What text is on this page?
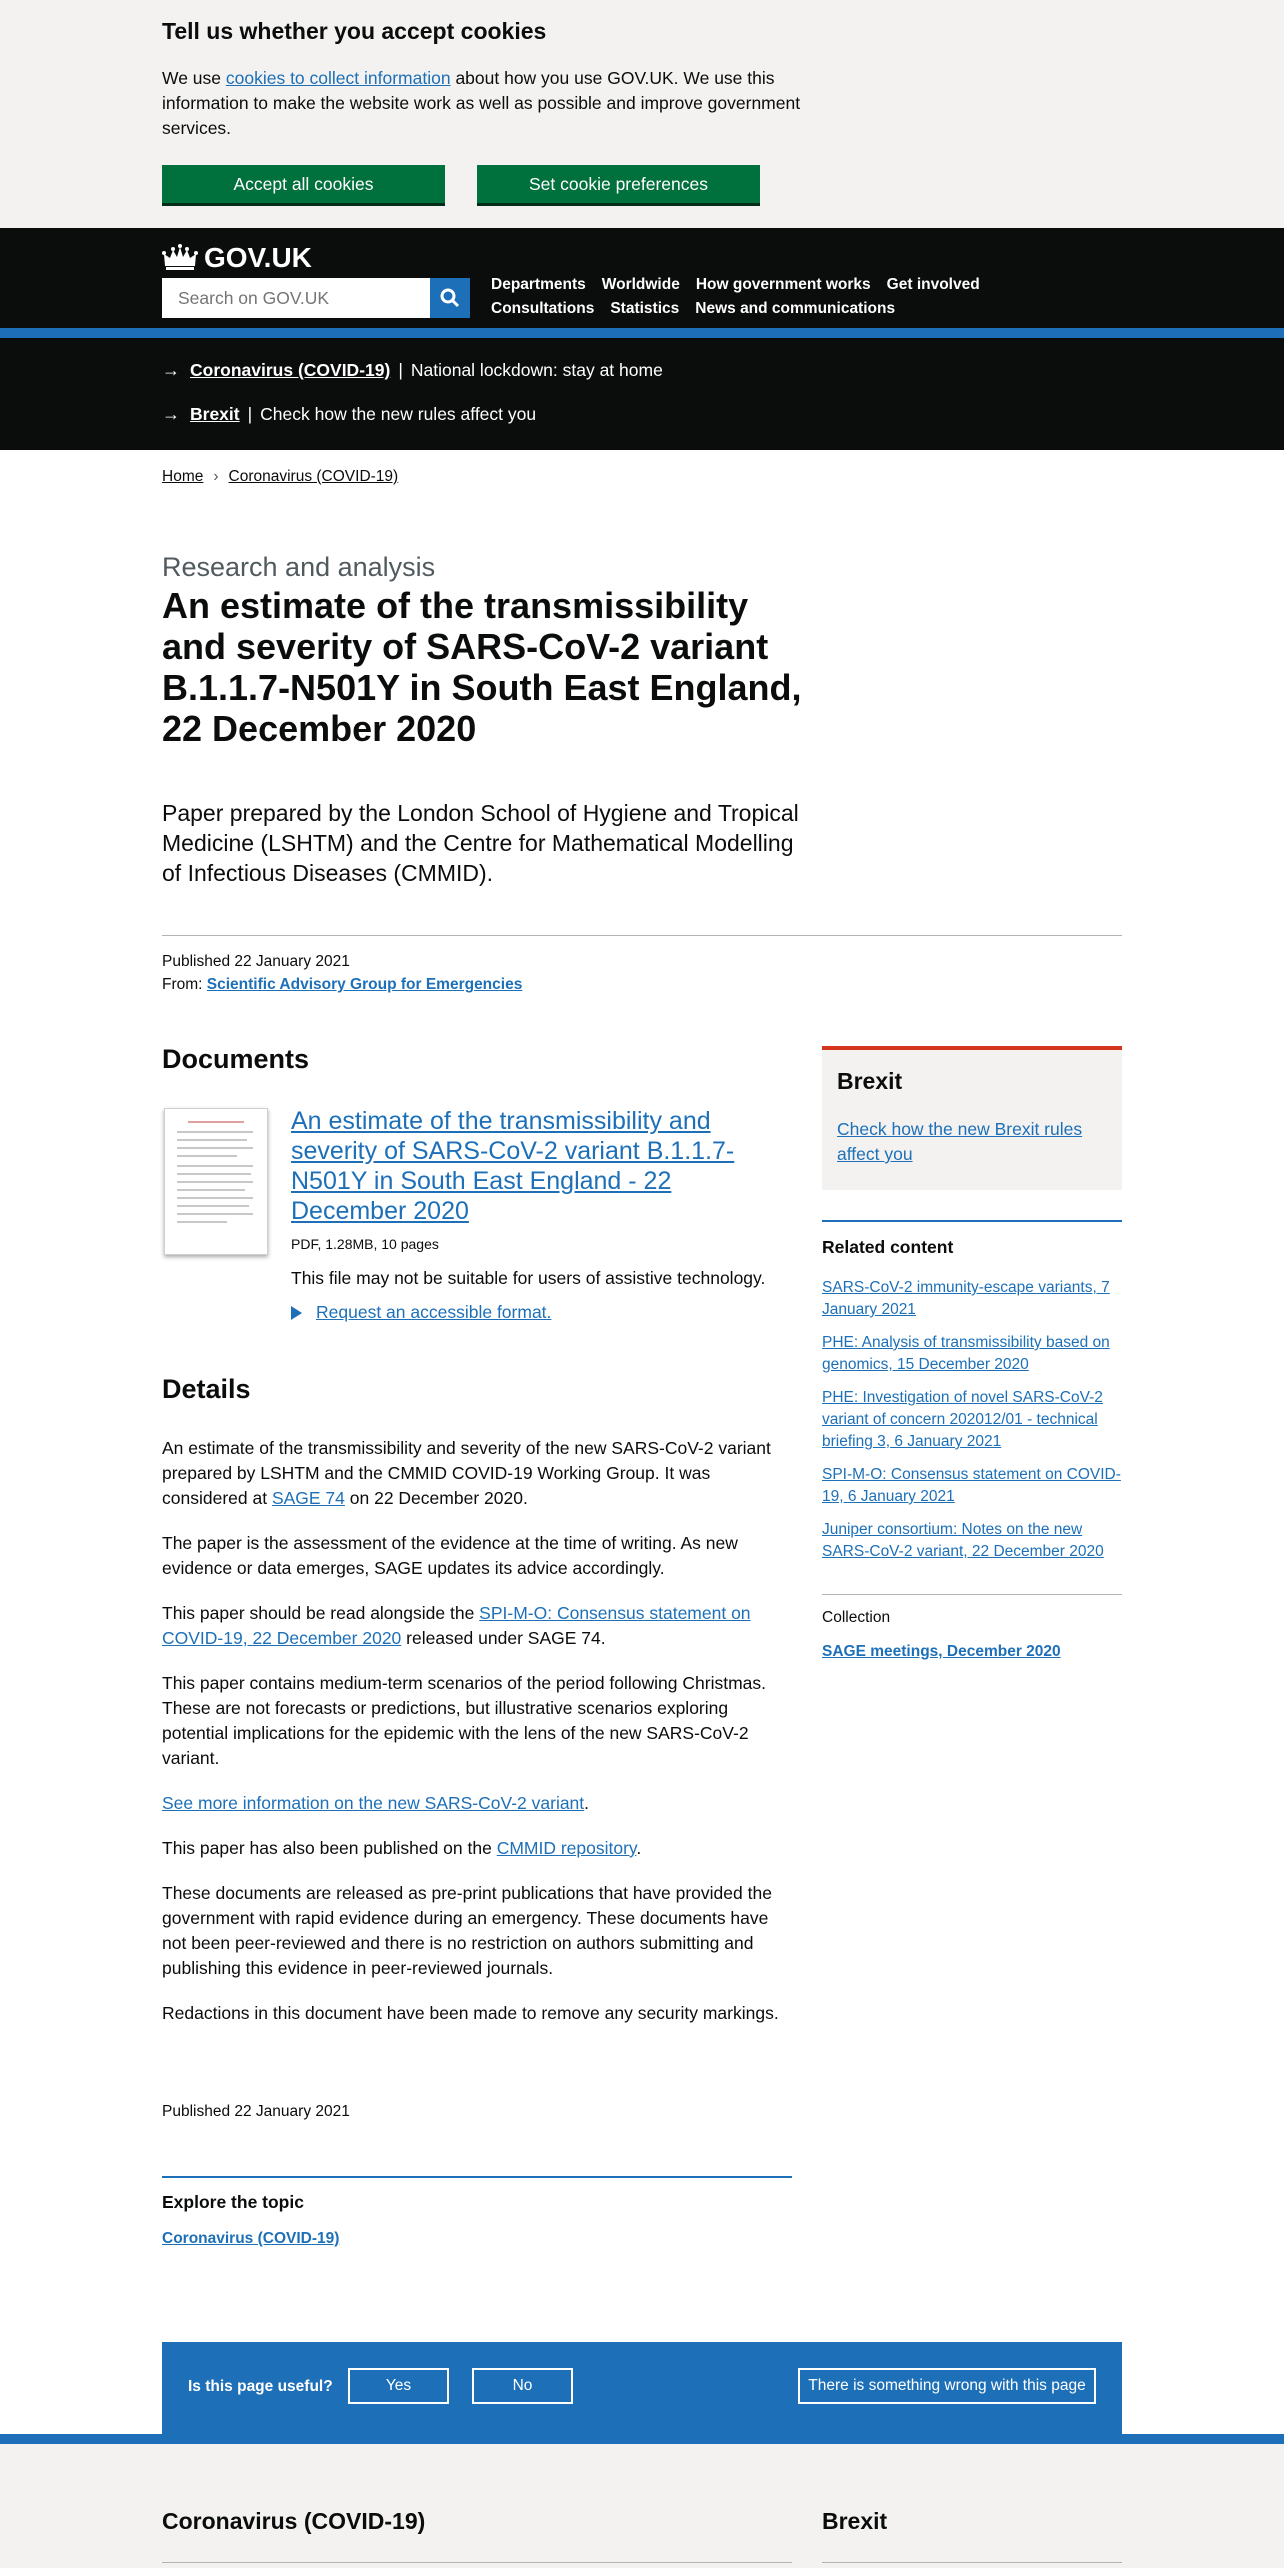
Tell us whether you accept cookies

We use cookies to collect information about how you use GOV.UK. We use this information to make the website work as well as possible and improve government services.

Accept all cookies	Set cookie preferences
GOV.UK
Search on GOV.UK
Departments Worldwide How government works Get involved
Consultations Statistics News and communications
→ Coronavirus (COVID-19) | National lockdown: stay at home
→ Brexit | Check how the new rules affect you
Home › Coronavirus (COVID-19)
Research and analysis
An estimate of the transmissibility and severity of SARS-CoV-2 variant B.1.1.7-N501Y in South East England, 22 December 2020

Paper prepared by the London School of Hygiene and Tropical Medicine (LSHTM) and the Centre for Mathematical Modelling of Infectious Diseases (CMMID).

Published 22 January 2021
From: Scientific Advisory Group for Emergencies
Documents
An estimate of the transmissibility and severity of SARS-CoV-2 variant B.1.1.7-N501Y in South East England - 22 December 2020
PDF, 1.28MB, 10 pages
This file may not be suitable for users of assistive technology.
Request an accessible format.
Details

An estimate of the transmissibility and severity of the new SARS-CoV-2 variant prepared by LSHTM and the CMMID COVID-19 Working Group. It was considered at SAGE 74 on 22 December 2020.

The paper is the assessment of the evidence at the time of writing. As new evidence or data emerges, SAGE updates its advice accordingly.

This paper should be read alongside the SPI-M-O: Consensus statement on COVID-19, 22 December 2020 released under SAGE 74.

This paper contains medium-term scenarios of the period following Christmas. These are not forecasts or predictions, but illustrative scenarios exploring potential implications for the epidemic with the lens of the new SARS-CoV-2 variant.

See more information on the new SARS-CoV-2 variant.

This paper has also been published on the CMMID repository.

These documents are released as pre-print publications that have provided the government with rapid evidence during an emergency. These documents have not been peer-reviewed and there is no restriction on authors submitting and publishing this evidence in peer-reviewed journals.

Redactions in this document have been made to remove any security markings.

Published 22 January 2021
Explore the topic
Coronavirus (COVID-19)
Brexit
Check how the new Brexit rules affect you
Related content
SARS-CoV-2 immunity-escape variants, 7 January 2021
PHE: Analysis of transmissibility based on genomics, 15 December 2020
PHE: Investigation of novel SARS-CoV-2 variant of concern 202012/01 - technical briefing 3, 6 January 2021
SPI-M-O: Consensus statement on COVID-19, 6 January 2021
Juniper consortium: Notes on the new SARS-CoV-2 variant, 22 December 2020
Collection
SAGE meetings, December 2020
Is this page useful?	Yes	No	There is something wrong with this page
Coronavirus (COVID-19)	Brexit
